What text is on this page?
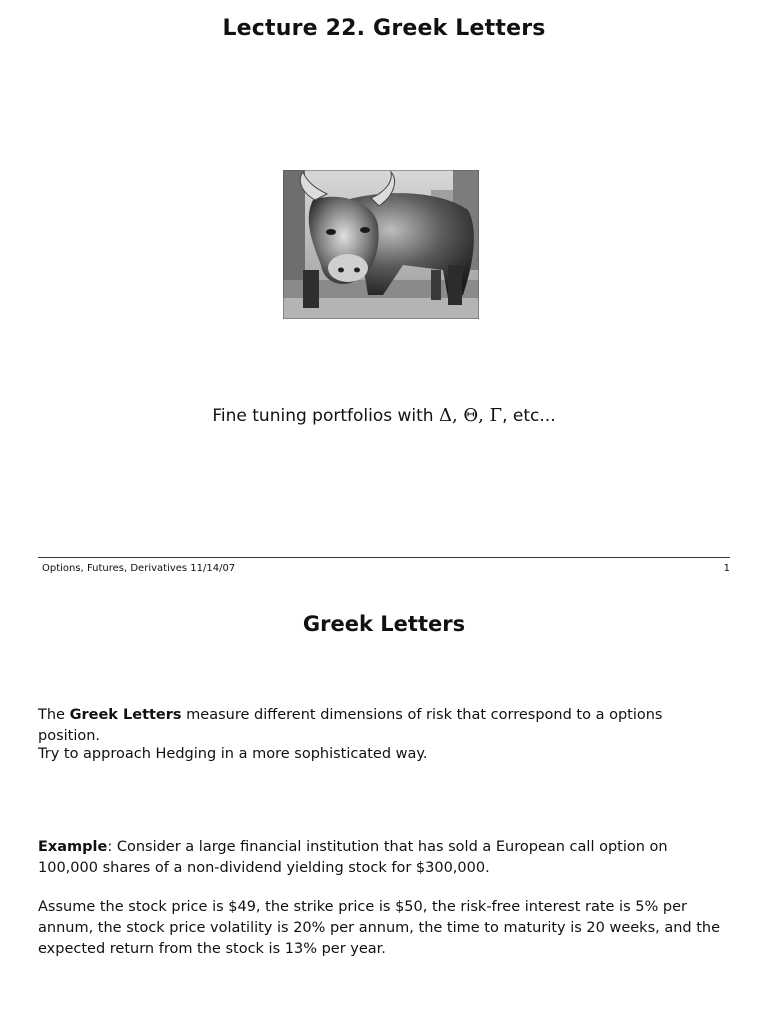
Lecture 22. Greek Letters
Fine tuning portfolios with Δ, Θ, Γ, etc...
Options, Futures, Derivatives 11/14/07	1
Greek Letters

The Greek Letters measure different dimensions of risk that correspond to a options position.

Try to approach Hedging in a more sophisticated way.

Example: Consider a large financial institution that has sold a European call option on 100,000 shares of a non-dividend yielding stock for $300,000.

Assume the stock price is $49, the strike price is $50, the risk-free interest rate is 5% per annum, the stock price volatility is 20% per annum, the time to maturity is 20 weeks, and the expected return from the stock is 13% per year.
